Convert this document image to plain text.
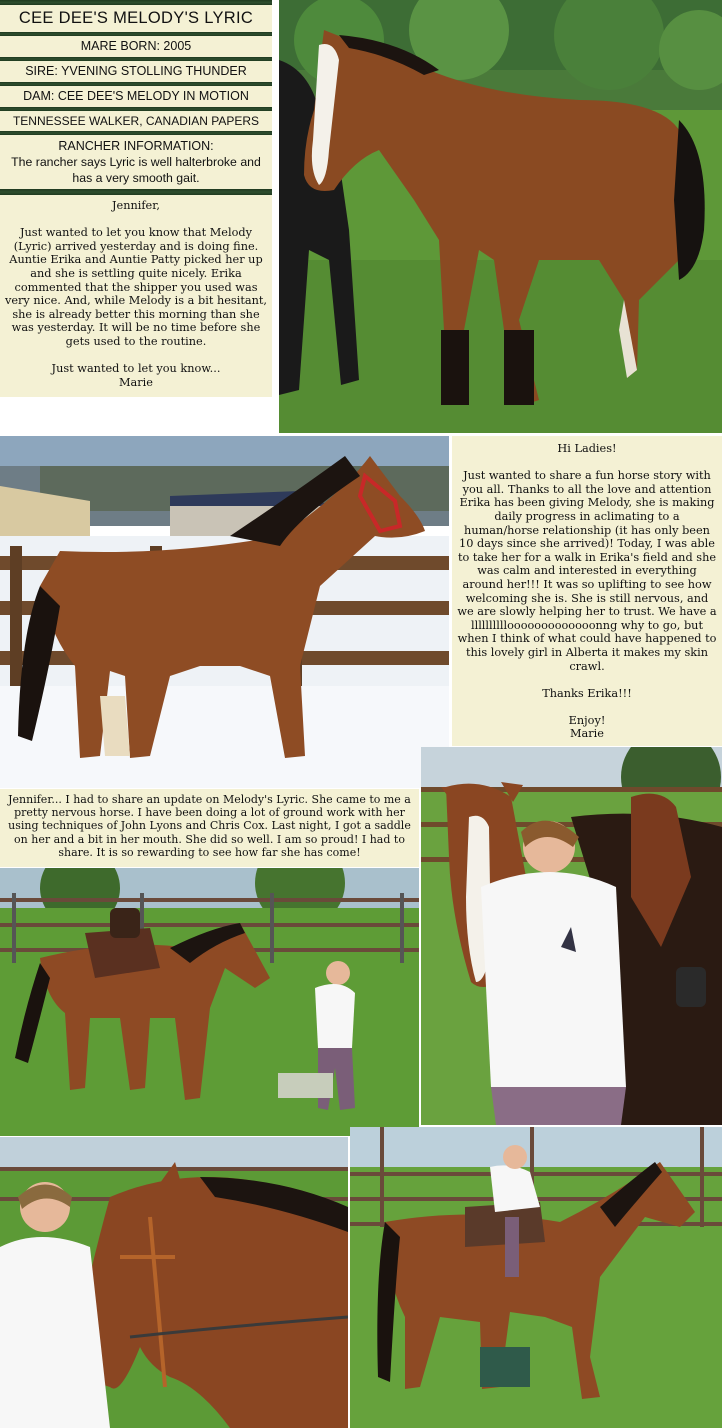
CEE DEE'S MELODY'S LYRIC
MARE BORN: 2005
SIRE: YVENING STOLLING THUNDER
DAM: CEE DEE'S MELODY IN MOTION
TENNESSEE WALKER, CANADIAN PAPERS
RANCHER INFORMATION:
The rancher says Lyric is well halterbroke and has a very smooth gait.
Jennifer,

Just wanted to let you know that Melody (Lyric) arrived yesterday and is doing fine. Auntie Erika and Auntie Patty picked her up and she is settling quite nicely. Erika commented that the shipper you used was very nice. And, while Melody is a bit hesitant, she is already better this morning than she was yesterday. It will be no time before she gets used to the routine.

Just wanted to let you know...
Marie
Hi Ladies!

Just wanted to share a fun horse story with you all. Thanks to all the love and attention Erika has been giving Melody, she is making daily progress in aclimating to a human/horse relationship (it has only been 10 days since she arrived)! Today, I was able to take her for a walk in Erika's field and she was calm and interested in everything around her!!! It was so uplifting to see how welcoming she is. She is still nervous, and we are slowly helping her to trust. We have a llllllllllooooooooooooonng why to go, but when I think of what could have happened to this lovely girl in Alberta it makes my skin crawl.

Thanks Erika!!!

Enjoy!
Marie
Jennifer... I had to share an update on Melody's Lyric. She came to me a pretty nervous horse. I have been doing a lot of ground work with her using techniques of John Lyons and Chris Cox. Last night, I got a saddle on her and a bit in her mouth. She did so well. I am so proud! I had to share. It is so rewarding to see how far she has come!
